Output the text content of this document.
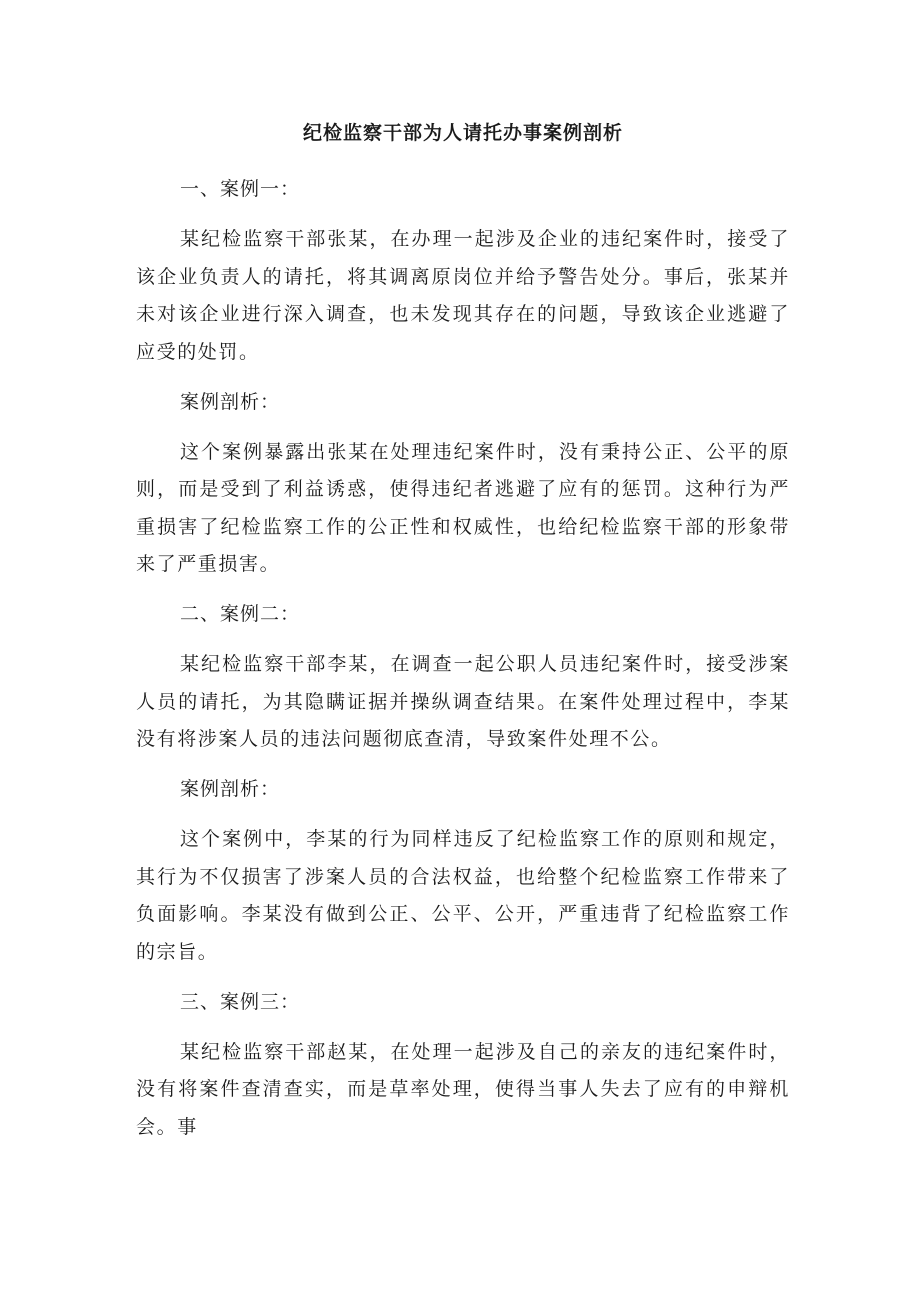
纪检监察干部为人请托办事案例剖析

一、案例一：

某纪检监察干部张某，在办理一起涉及企业的违纪案件时，接受了该企业负责人的请托，将其调离原岗位并给予警告处分。事后，张某并未对该企业进行深入调查，也未发现其存在的问题，导致该企业逃避了应受的处罚。

案例剖析：

这个案例暴露出张某在处理违纪案件时，没有秉持公正、公平的原则，而是受到了利益诱惑，使得违纪者逃避了应有的惩罚。这种行为严重损害了纪检监察工作的公正性和权威性，也给纪检监察干部的形象带来了严重损害。

二、案例二：

某纪检监察干部李某，在调查一起公职人员违纪案件时，接受涉案人员的请托，为其隐瞒证据并操纵调查结果。在案件处理过程中，李某没有将涉案人员的违法问题彻底查清，导致案件处理不公。

案例剖析：

这个案例中，李某的行为同样违反了纪检监察工作的原则和规定，其行为不仅损害了涉案人员的合法权益，也给整个纪检监察工作带来了负面影响。李某没有做到公正、公平、公开，严重违背了纪检监察工作的宗旨。

三、案例三：

某纪检监察干部赵某，在处理一起涉及自己的亲友的违纪案件时，没有将案件查清查实，而是草率处理，使得当事人失去了应有的申辩机会。事
